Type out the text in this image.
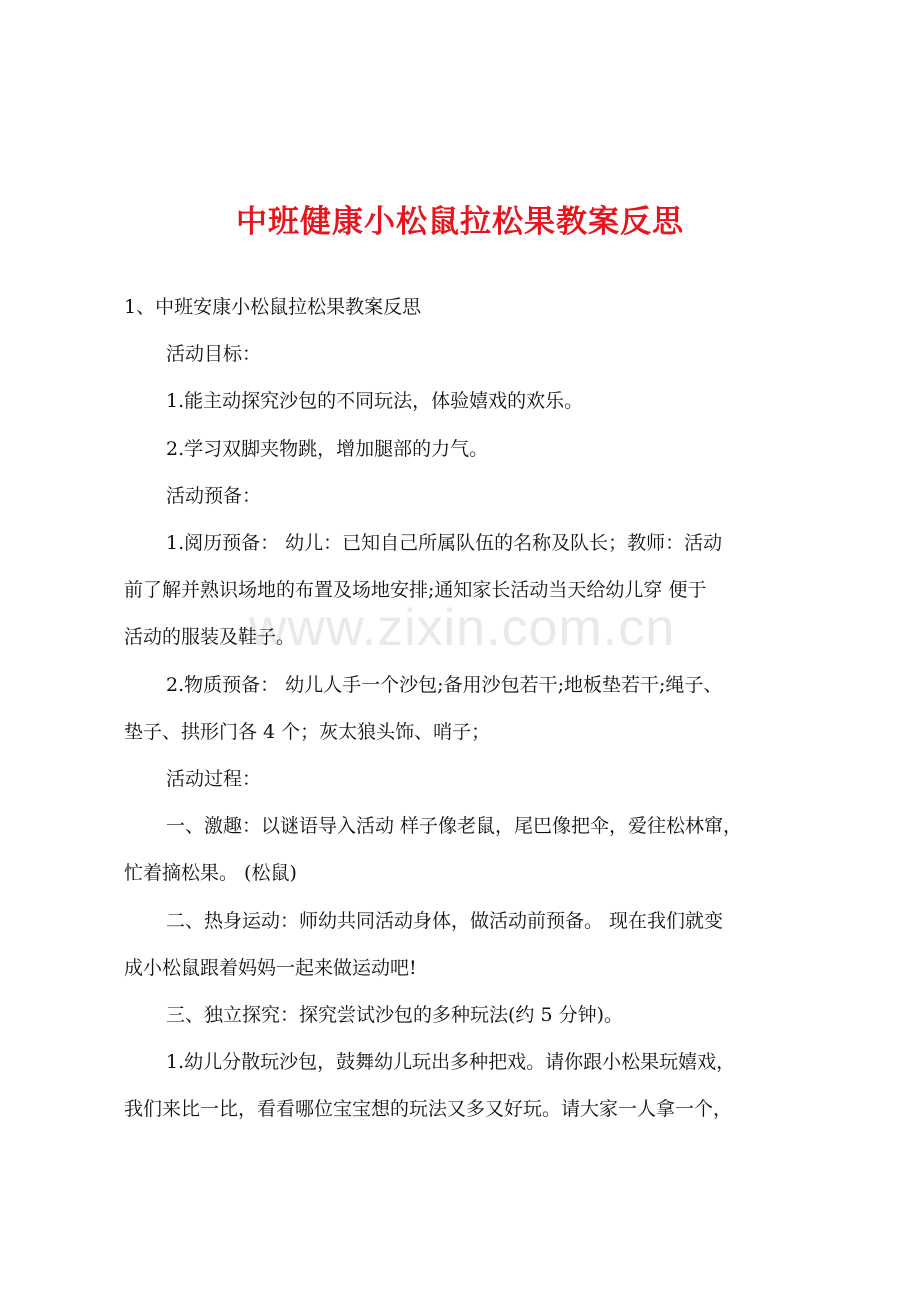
中班健康小松鼠拉松果教案反思
www.zixin.com.cn

1、中班安康小松鼠拉松果教案反思

活动目标：

1.能主动探究沙包的不同玩法，体验嬉戏的欢乐。

2.学习双脚夹物跳，增加腿部的力气。

活动预备：

1.阅历预备： 幼儿：已知自己所属队伍的名称及队长；教师：活动

前了解并熟识场地的布置及场地安排;通知家长活动当天给幼儿穿 便于

活动的服装及鞋子。

2.物质预备： 幼儿人手一个沙包;备用沙包若干;地板垫若干;绳子、

垫子、拱形门各 4 个；灰太狼头饰、哨子；

活动过程：

一、激趣：以谜语导入活动 样子像老鼠，尾巴像把伞，爱往松林窜，

忙着摘松果。 (松鼠)

二、热身运动：师幼共同活动身体，做活动前预备。 现在我们就变

成小松鼠跟着妈妈一起来做运动吧!

三、独立探究：探究尝试沙包的多种玩法(约 5 分钟)。

1.幼儿分散玩沙包，鼓舞幼儿玩出多种把戏。请你跟小松果玩嬉戏，

我们来比一比，看看哪位宝宝想的玩法又多又好玩。请大家一人拿一个，
